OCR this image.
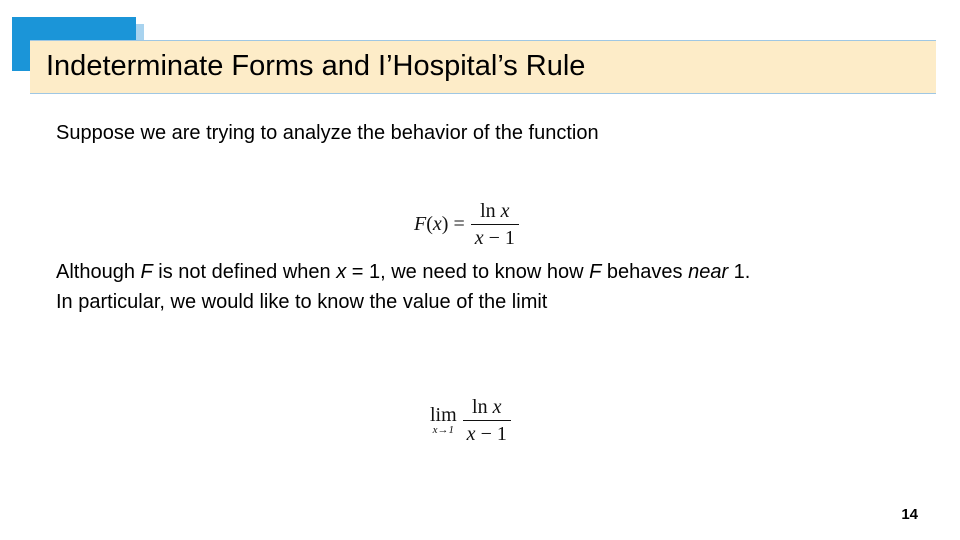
Indeterminate Forms and I’Hospital’s Rule

Suppose we are trying to analyze the behavior of the function

$F(x) = \frac{\text{ln x}}{x - 1}$
Although F is not defined when x = 1, we need to know how F behaves near 1.
In particular, we would like to know the value of the limit
lim
$x\to 1 \frac{\text{ln x}}{x - 1}$
14
